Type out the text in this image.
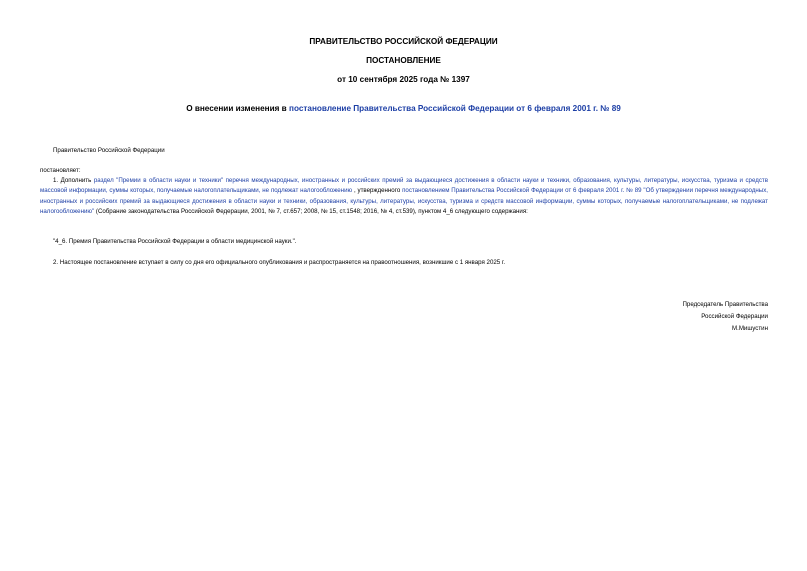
ПРАВИТЕЛЬСТВО РОССИЙСКОЙ ФЕДЕРАЦИИ
ПОСТАНОВЛЕНИЕ
от 10 сентября 2025 года № 1397
О внесении изменения в постановление Правительства Российской Федерации от 6 февраля 2001 г. № 89
Правительство Российской Федерации
постановляет:
1. Дополнить раздел "Премии в области науки и техники" перечня международных, иностранных и российских премий за выдающиеся достижения в области науки и техники, образования, культуры, литературы, искусства, туризма и средств массовой информации, суммы которых, получаемые налогоплательщиками, не подлежат налогообложению , утвержденного постановлением Правительства Российской Федерации от 6 февраля 2001 г. № 89 "Об утверждении перечня международных, иностранных и российских премий за выдающиеся достижения в области науки и техники, образования, культуры, литературы, искусства, туризма и средств массовой информации, суммы которых, получаемые налогоплательщиками, не подлежат налогообложению" (Собрание законодательства Российской Федерации, 2001, № 7, ст.657; 2008, № 15, ст.1548; 2016, № 4, ст.539), пунктом 4_6 следующего содержания:
"4_6. Премия Правительства Российской Федерации в области медицинской науки.".
2. Настоящее постановление вступает в силу со дня его официального опубликования и распространяется на правоотношения, возникшие с 1 января 2025 г.
Председатель Правительства
Российской Федерации
М.Мишустин
